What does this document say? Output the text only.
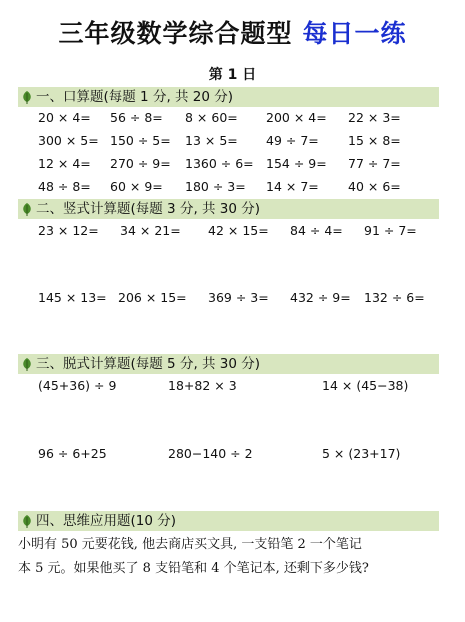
三年级数学综合题型 每日一练
第 1 日
一、口算题(每题 1 分, 共 20 分)
20 × 4= 56 ÷ 8= 8 × 60= 200 × 4= 22 × 3=
300 × 5= 150 ÷ 5= 13 × 5= 49 ÷ 7= 15 × 8=
12 × 4= 270 ÷ 9= 1360 ÷ 6= 154 ÷ 9= 77 ÷ 7=
48 ÷ 8= 60 × 9= 180 ÷ 3= 14 × 7= 40 × 6=
二、竖式计算题(每题 3 分, 共 30 分)
23 × 12= 34 × 21= 42 × 15= 84 ÷ 4= 91 ÷ 7=
145 × 13= 206 × 15= 369 ÷ 3= 432 ÷ 9= 132 ÷ 6=
三、脱式计算题(每题 5 分, 共 30 分)
(45+36) ÷ 9	18+82 × 3	14 × (45−38)
96 ÷ 6+25	280−140 ÷ 2	5 × (23+17)
四、思维应用题(10 分)
小明有 50 元要花钱, 他去商店买文具, 一支铅笔 2 一个笔记
本 5 元。如果他买了 8 支铅笔和 4 个笔记本, 还剩下多少钱?
